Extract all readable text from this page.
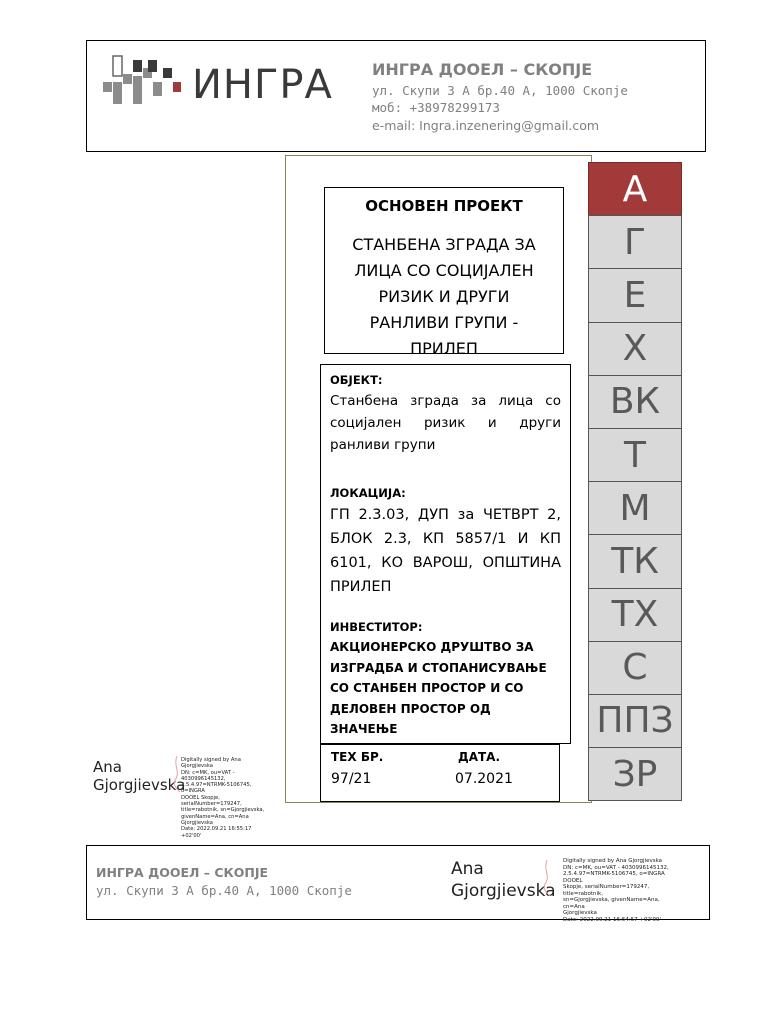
ИНГРА ИНГРА ДООЕЛ – СКОПЈЕ
ул. Скупи 3 А бр.40 А, 1000 Скопје
моб: +38978299173
e-mail: Ingra.inzenering@gmail.com
ОСНОВЕН ПРОЕКТ
СТАНБЕНА ЗГРАДА ЗА ЛИЦА СО СОЦИЈАЛЕН РИЗИК И ДРУГИ РАНЛИВИ ГРУПИ - ПРИЛЕП
ОБЈЕКТ:
Станбена зграда за лица со социјален ризик и други ранливи групи
ЛОКАЦИЈА:
ГП 2.3.03, ДУП за ЧЕТВРТ 2, БЛОК 2.3, КП 5857/1 И КП 6101, КО ВАРОШ, ОПШТИНА ПРИЛЕП
ИНВЕСТИТОР:
АКЦИОНЕРСКО ДРУШТВО ЗА ИЗГРАДБА И СТОПАНИСУВАЊЕ СО СТАНБЕН ПРОСТОР И СО ДЕЛОВЕН ПРОСТОР ОД ЗНАЧЕЊЕ
ТЕХ БР.	ДАТА.
97/21	07.2021
А
Г
Е
Х
ВК
Т
М
ТК
ТХ
С
ППЗ
ЗР
Ana
Gjorgjievska
Digitally signed by Ana Gjorgjievska
DN: c=MK, ou=VAT - 4030996145132,
2.5.4.97=NTRMK-5106745, o=INGRA
DOOEL Skopje, serialNumber=179247,
title=rabotnik, sn=Gjorgjievska,
givenName=Ana, cn=Ana Gjorgjievska
Date: 2022.09.21 16:55:17 +02'00'
ИНГРА ДООЕЛ – СКОПЈЕ
ул. Скупи 3 А бр.40 А, 1000 Скопје
Ana
Gjorgjievska
Digitally signed by Ana Gjorgjievska
DN: c=MK, ou=VAT - 4030996145132,
2.5.4.97=NTRMK-5106745, o=INGRA DOOEL
Skopje, serialNumber=179247, title=rabotnik,
sn=Gjorgjievska, givenName=Ana, cn=Ana
Gjorgjievska
Date: 2022.09.21 16:54:57 +02'00'
